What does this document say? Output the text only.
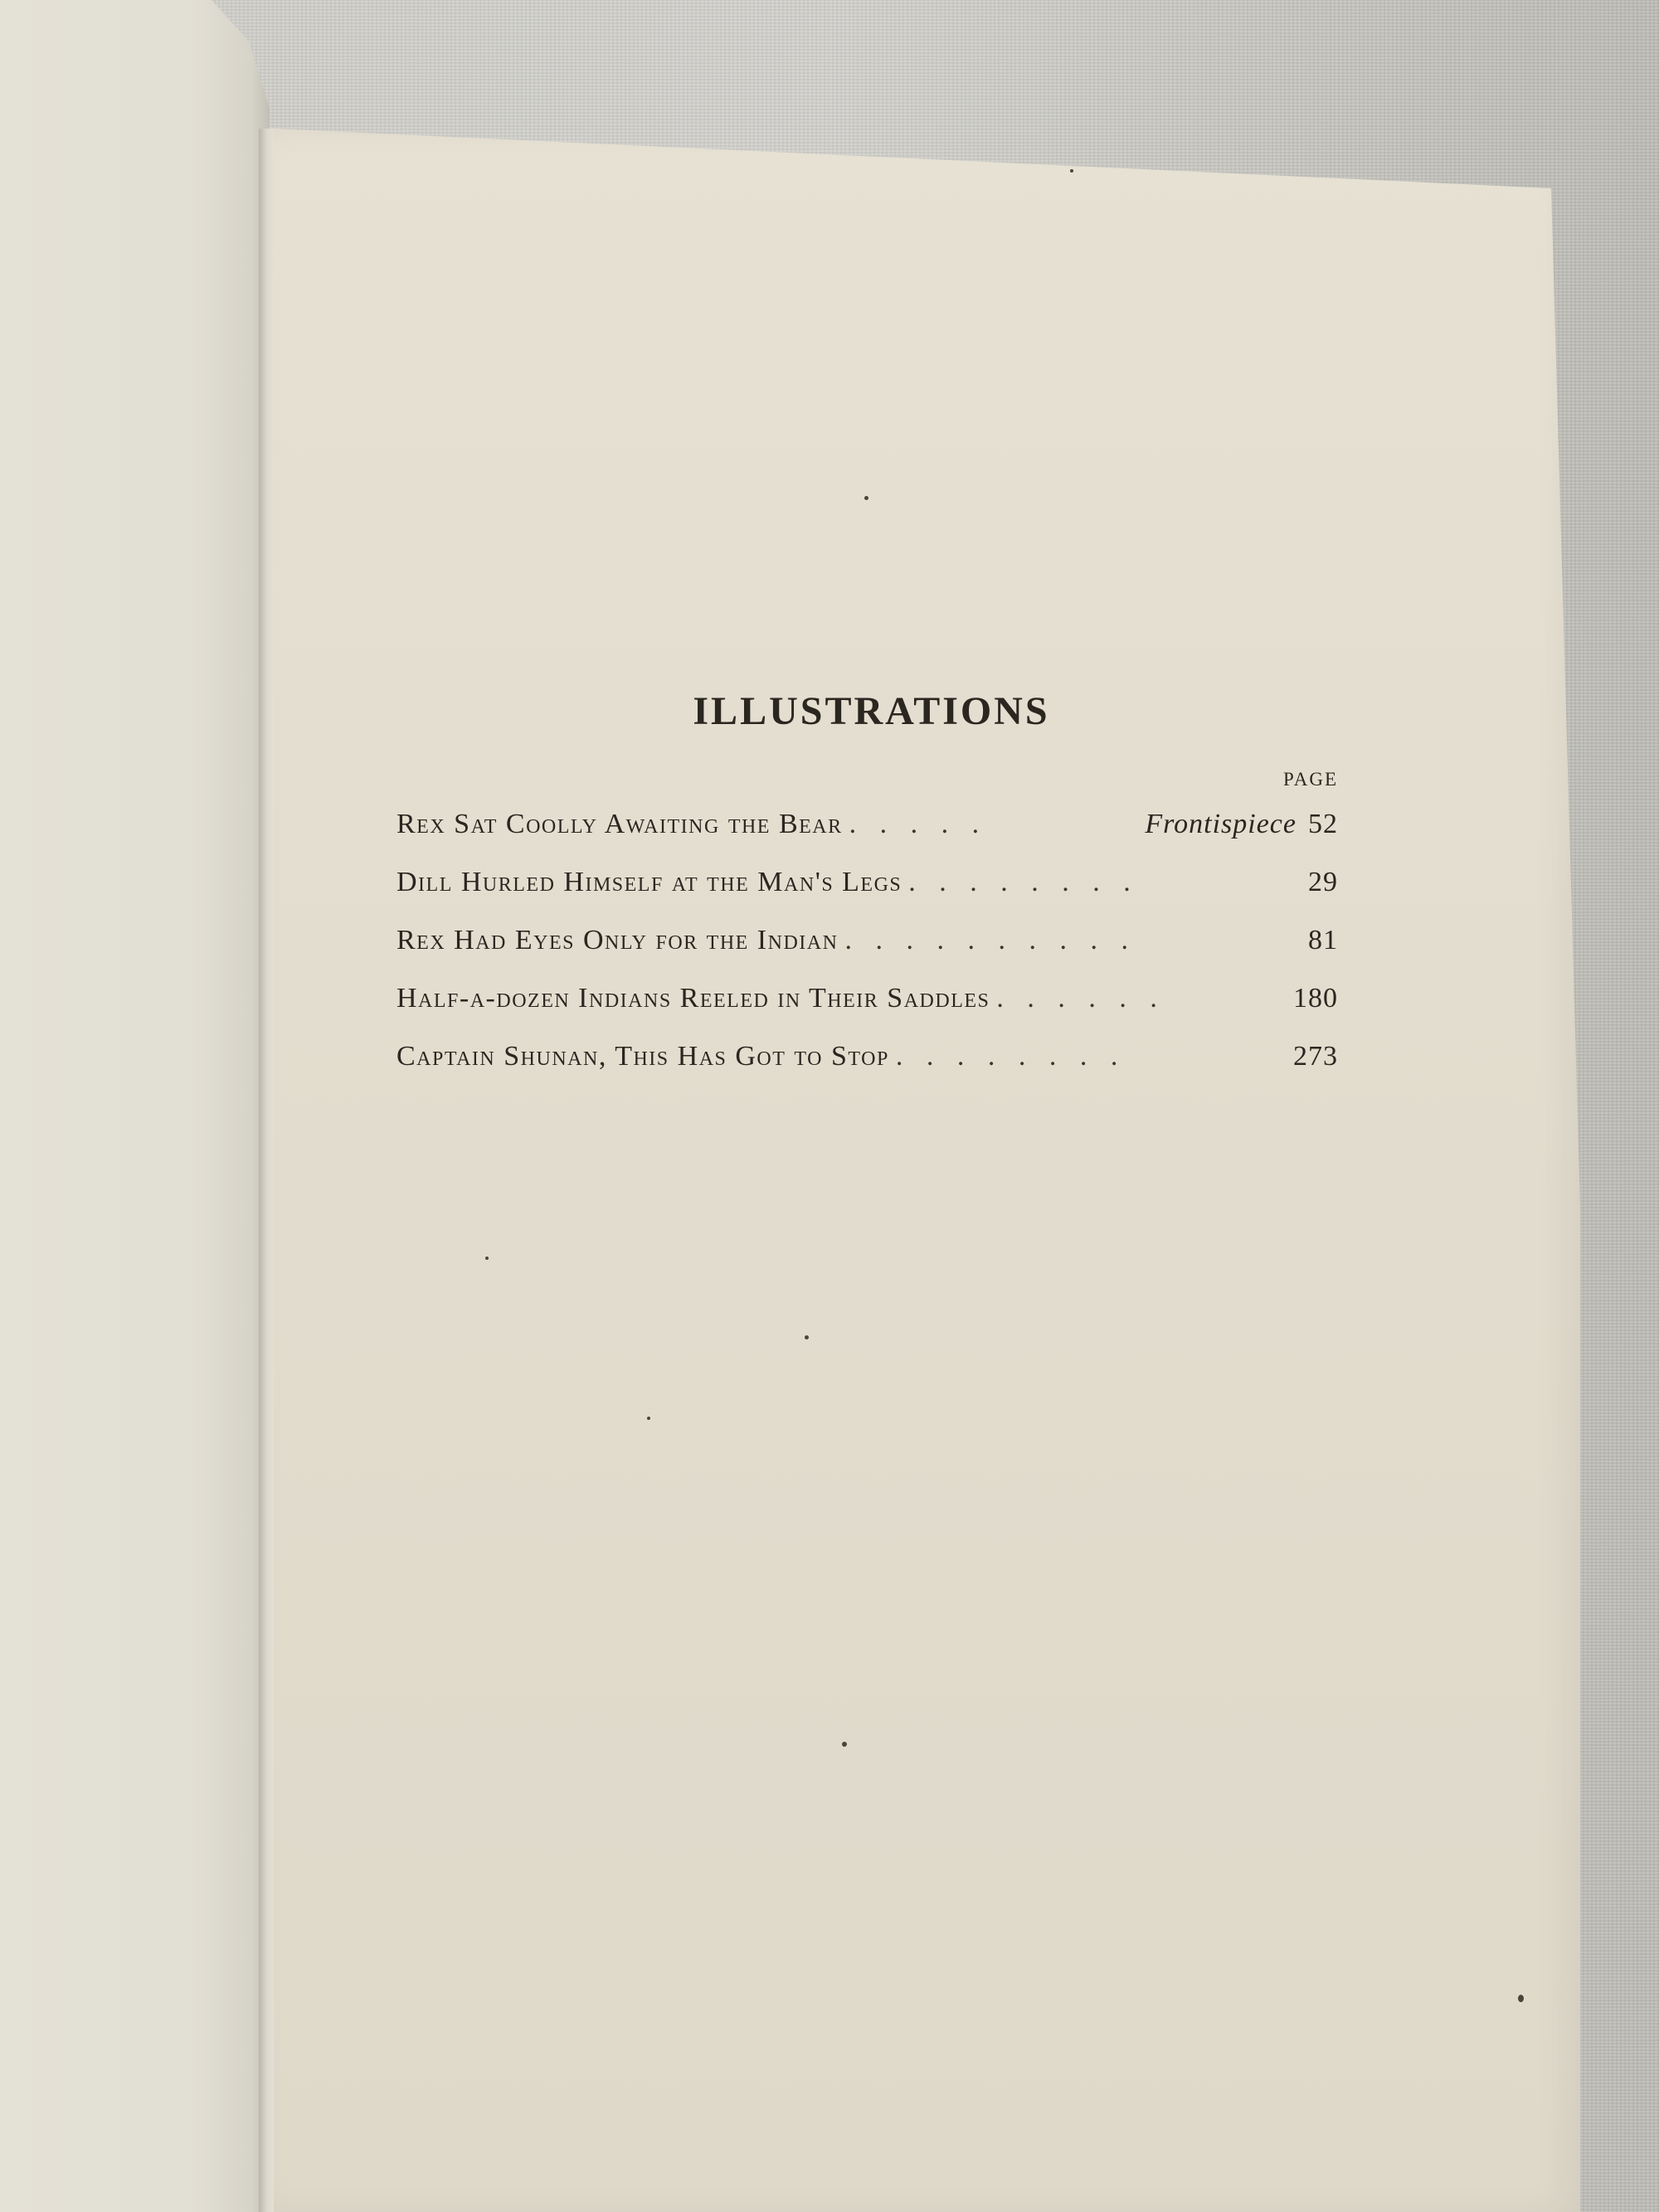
ILLUSTRATIONS
PAGE
Rex Sat Coolly Awaiting the Bear . . . . .	Frontispiece 52
Dill Hurled Himself at the Man's Legs . . . . . . . .	29
Rex Had Eyes Only for the Indian . . . . . . . . . .	81
Half-a-dozen Indians Reeled in Their Saddles . . . . . .	180
Captain Shunan, This Has Got to Stop . . . . . . . .	273
